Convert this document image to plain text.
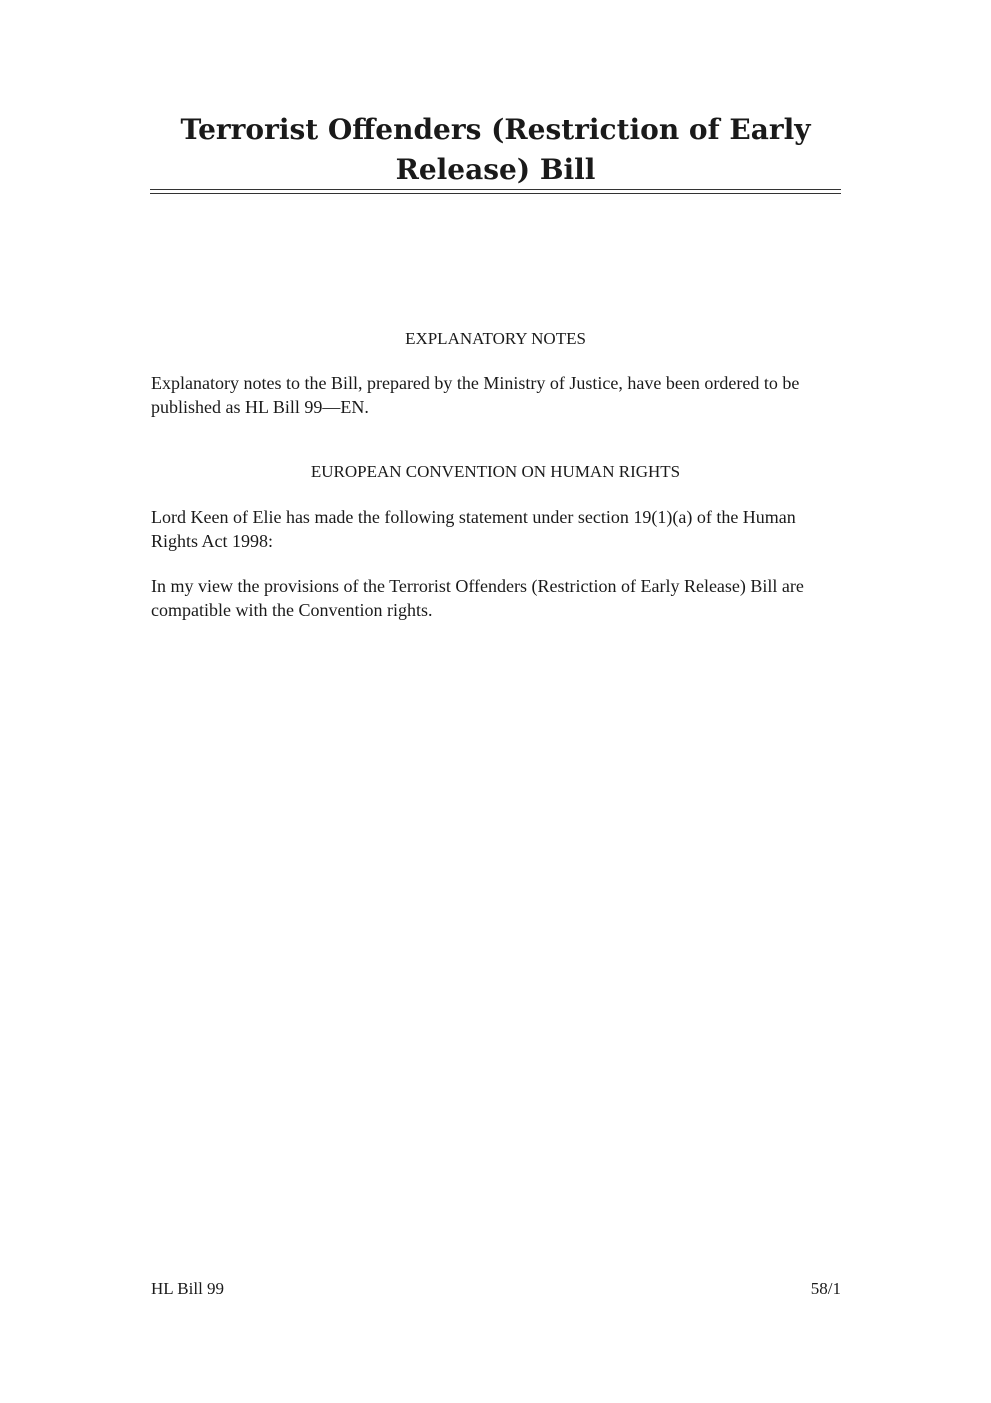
Terrorist Offenders (Restriction of Early Release) Bill

EXPLANATORY NOTES

Explanatory notes to the Bill, prepared by the Ministry of Justice, have been ordered to be published as HL Bill 99—EN.

EUROPEAN CONVENTION ON HUMAN RIGHTS

Lord Keen of Elie has made the following statement under section 19(1)(a) of the Human Rights Act 1998:

In my view the provisions of the Terrorist Offenders (Restriction of Early Release) Bill are compatible with the Convention rights.

HL Bill 99	58/1
